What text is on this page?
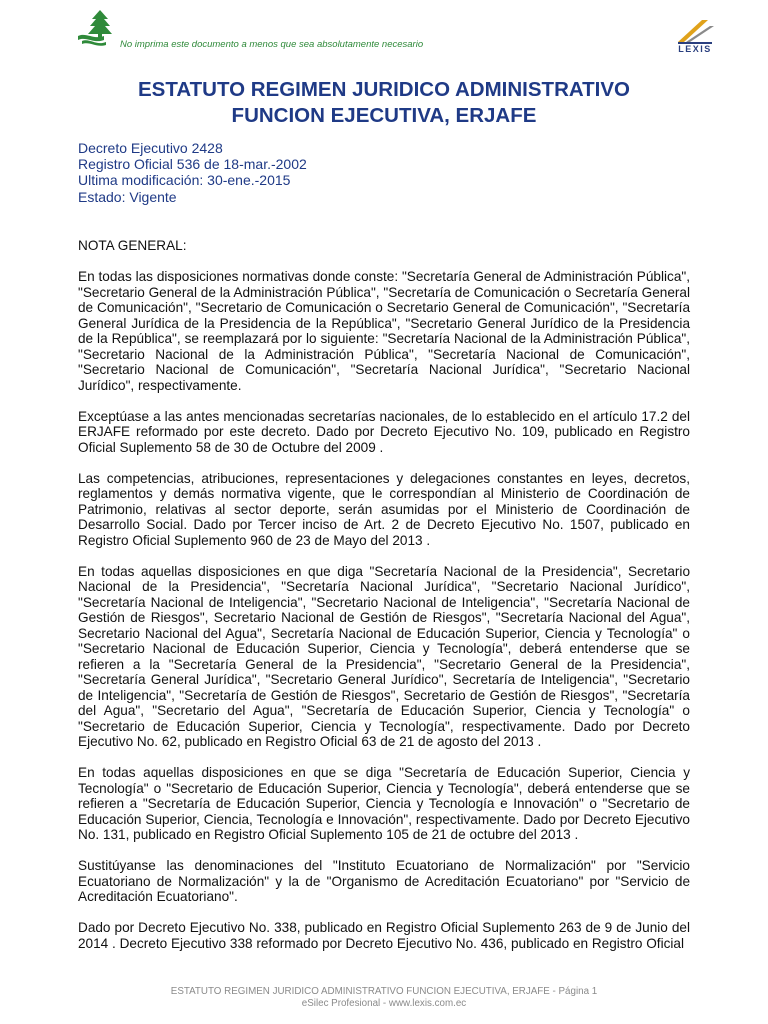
No imprima este documento a menos que sea absolutamente necesario	LEXIS
ESTATUTO REGIMEN JURIDICO ADMINISTRATIVO
FUNCION EJECUTIVA, ERJAFE
Decreto Ejecutivo 2428
Registro Oficial 536 de 18-mar.-2002
Ultima modificación: 30-ene.-2015
Estado: Vigente

NOTA GENERAL:

En todas las disposiciones normativas donde conste: "Secretaría General de Administración Pública", "Secretario General de la Administración Pública", "Secretaría de Comunicación o Secretaría General de Comunicación", "Secretario de Comunicación o Secretario General de Comunicación", "Secretaría General Jurídica de la Presidencia de la República", "Secretario General Jurídico de la Presidencia de la República", se reemplazará por lo siguiente: "Secretaría Nacional de la Administración Pública", "Secretario Nacional de la Administración Pública", "Secretaría Nacional de Comunicación", "Secretario Nacional de Comunicación", "Secretaría Nacional Jurídica", "Secretario Nacional Jurídico", respectivamente.

Exceptúase a las antes mencionadas secretarías nacionales, de lo establecido en el artículo 17.2 del ERJAFE reformado por este decreto. Dado por Decreto Ejecutivo No. 109, publicado en Registro Oficial Suplemento 58 de 30 de Octubre del 2009 .

Las competencias, atribuciones, representaciones y delegaciones constantes en leyes, decretos, reglamentos y demás normativa vigente, que le correspondían al Ministerio de Coordinación de Patrimonio, relativas al sector deporte, serán asumidas por el Ministerio de Coordinación de Desarrollo Social. Dado por Tercer inciso de Art. 2 de Decreto Ejecutivo No. 1507, publicado en Registro Oficial Suplemento 960 de 23 de Mayo del 2013 .

En todas aquellas disposiciones en que diga "Secretaría Nacional de la Presidencia", Secretario Nacional de la Presidencia", "Secretaría Nacional Jurídica", "Secretario Nacional Jurídico", "Secretaría Nacional de Inteligencia", "Secretario Nacional de Inteligencia", "Secretaría Nacional de Gestión de Riesgos", Secretario Nacional de Gestión de Riesgos", "Secretaría Nacional del Agua", Secretario Nacional del Agua", Secretaría Nacional de Educación Superior, Ciencia y Tecnología" o "Secretario Nacional de Educación Superior, Ciencia y Tecnología", deberá entenderse que se refieren a la "Secretaría General de la Presidencia", "Secretario General de la Presidencia", "Secretaría General Jurídica", "Secretario General Jurídico", Secretaría de Inteligencia", "Secretario de Inteligencia", "Secretaría de Gestión de Riesgos", Secretario de Gestión de Riesgos", "Secretaría del Agua", "Secretario del Agua", "Secretaría de Educación Superior, Ciencia y Tecnología" o "Secretario de Educación Superior, Ciencia y Tecnología", respectivamente. Dado por Decreto Ejecutivo No. 62, publicado en Registro Oficial 63 de 21 de agosto del 2013 .

En todas aquellas disposiciones en que se diga "Secretaría de Educación Superior, Ciencia y Tecnología" o "Secretario de Educación Superior, Ciencia y Tecnología", deberá entenderse que se refieren a "Secretaría de Educación Superior, Ciencia y Tecnología e Innovación" o "Secretario de Educación Superior, Ciencia, Tecnología e Innovación", respectivamente. Dado por Decreto Ejecutivo No. 131, publicado en Registro Oficial Suplemento 105 de 21 de octubre del 2013 .

Sustitúyanse las denominaciones del "Instituto Ecuatoriano de Normalización" por "Servicio Ecuatoriano de Normalización" y la de "Organismo de Acreditación Ecuatoriano" por "Servicio de Acreditación Ecuatoriano".

Dado por Decreto Ejecutivo No. 338, publicado en Registro Oficial Suplemento 263 de 9 de Junio del 2014 . Decreto Ejecutivo 338 reformado por Decreto Ejecutivo No. 436, publicado en Registro Oficial

ESTATUTO REGIMEN JURIDICO ADMINISTRATIVO FUNCION EJECUTIVA, ERJAFE - Página 1
eSilec Profesional - www.lexis.com.ec
